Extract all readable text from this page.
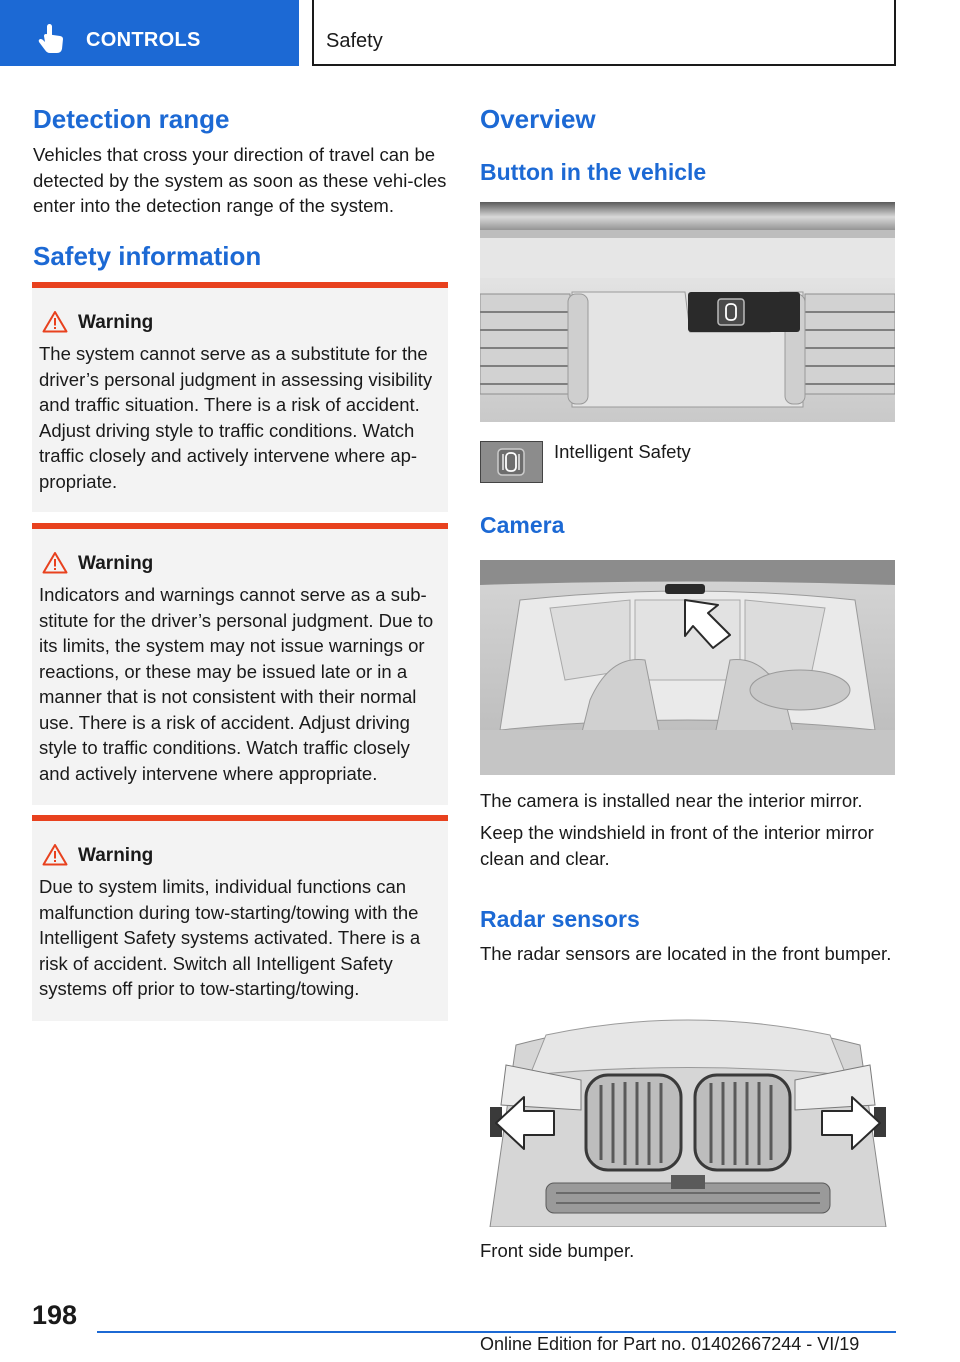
CONTROLS	Safety
Detection range
Vehicles that cross your direction of travel can be detected by the system as soon as these vehi‐cles enter into the detection range of the system.
Safety information
Warning
The system cannot serve as a substitute for the driver’s personal judgment in assessing visibility and traffic situation. There is a risk of accident. Adjust driving style to traffic conditions. Watch traffic closely and actively intervene where ap‐propriate.
Warning
Indicators and warnings cannot serve as a sub‐stitute for the driver’s personal judgment. Due to its limits, the system may not issue warnings or reactions, or these may be issued late or in a manner that is not consistent with their normal use. There is a risk of accident. Adjust driving style to traffic conditions. Watch traffic closely and actively intervene where appropriate.
Warning
Due to system limits, individual functions can malfunction during tow-starting/towing with the Intelligent Safety systems activated. There is a risk of accident. Switch all Intelligent Safety systems off prior to tow-starting/towing.
Overview
Button in the vehicle
Intelligent Safety
Camera
The camera is installed near the interior mirror.
Keep the windshield in front of the interior mirror clean and clear.
Radar sensors
The radar sensors are located in the front bumper.
Front side bumper.
198
Online Edition for Part no. 01402667244 - VI/19
